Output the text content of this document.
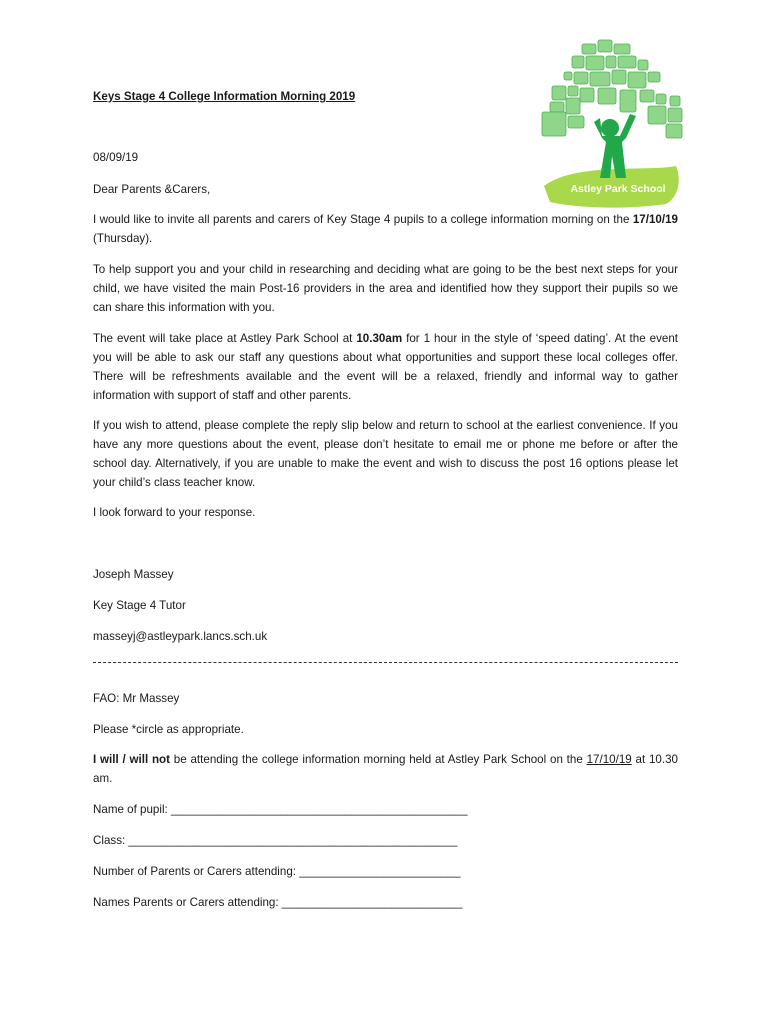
Astley Park School
Keys Stage 4 College Information Morning 2019
08/09/19
Dear Parents &Carers,
I would like to invite all parents and carers of Key Stage 4 pupils to a college information morning on the 17/10/19 (Thursday).
To help support you and your child in researching and deciding what are going to be the best next steps for your child, we have visited the main Post-16 providers in the area and identified how they support their pupils so we can share this information with you.
The event will take place at Astley Park School at 10.30am for 1 hour in the style of ‘speed dating’. At the event you will be able to ask our staff any questions about what opportunities and support these local colleges offer. There will be refreshments available and the event will be a relaxed, friendly and informal way to gather information with support of staff and other parents.
If you wish to attend, please complete the reply slip below and return to school at the earliest convenience. If you have any more questions about the event, please don’t hesitate to email me or phone me before or after the school day. Alternatively, if you are unable to make the event and wish to discuss the post 16 options please let your child’s class teacher know.
I look forward to your response.
Joseph Massey
Key Stage 4 Tutor
masseyj@astleypark.lancs.sch.uk
FAO: Mr Massey
Please *circle as appropriate.
I will / will not be attending the college information morning held at Astley Park School on the 17/10/19 at 10.30 am.
Name of pupil: ______________________________________________
Class: ___________________________________________________
Number of Parents or Carers attending: _________________________
Names Parents or Carers attending: ____________________________
